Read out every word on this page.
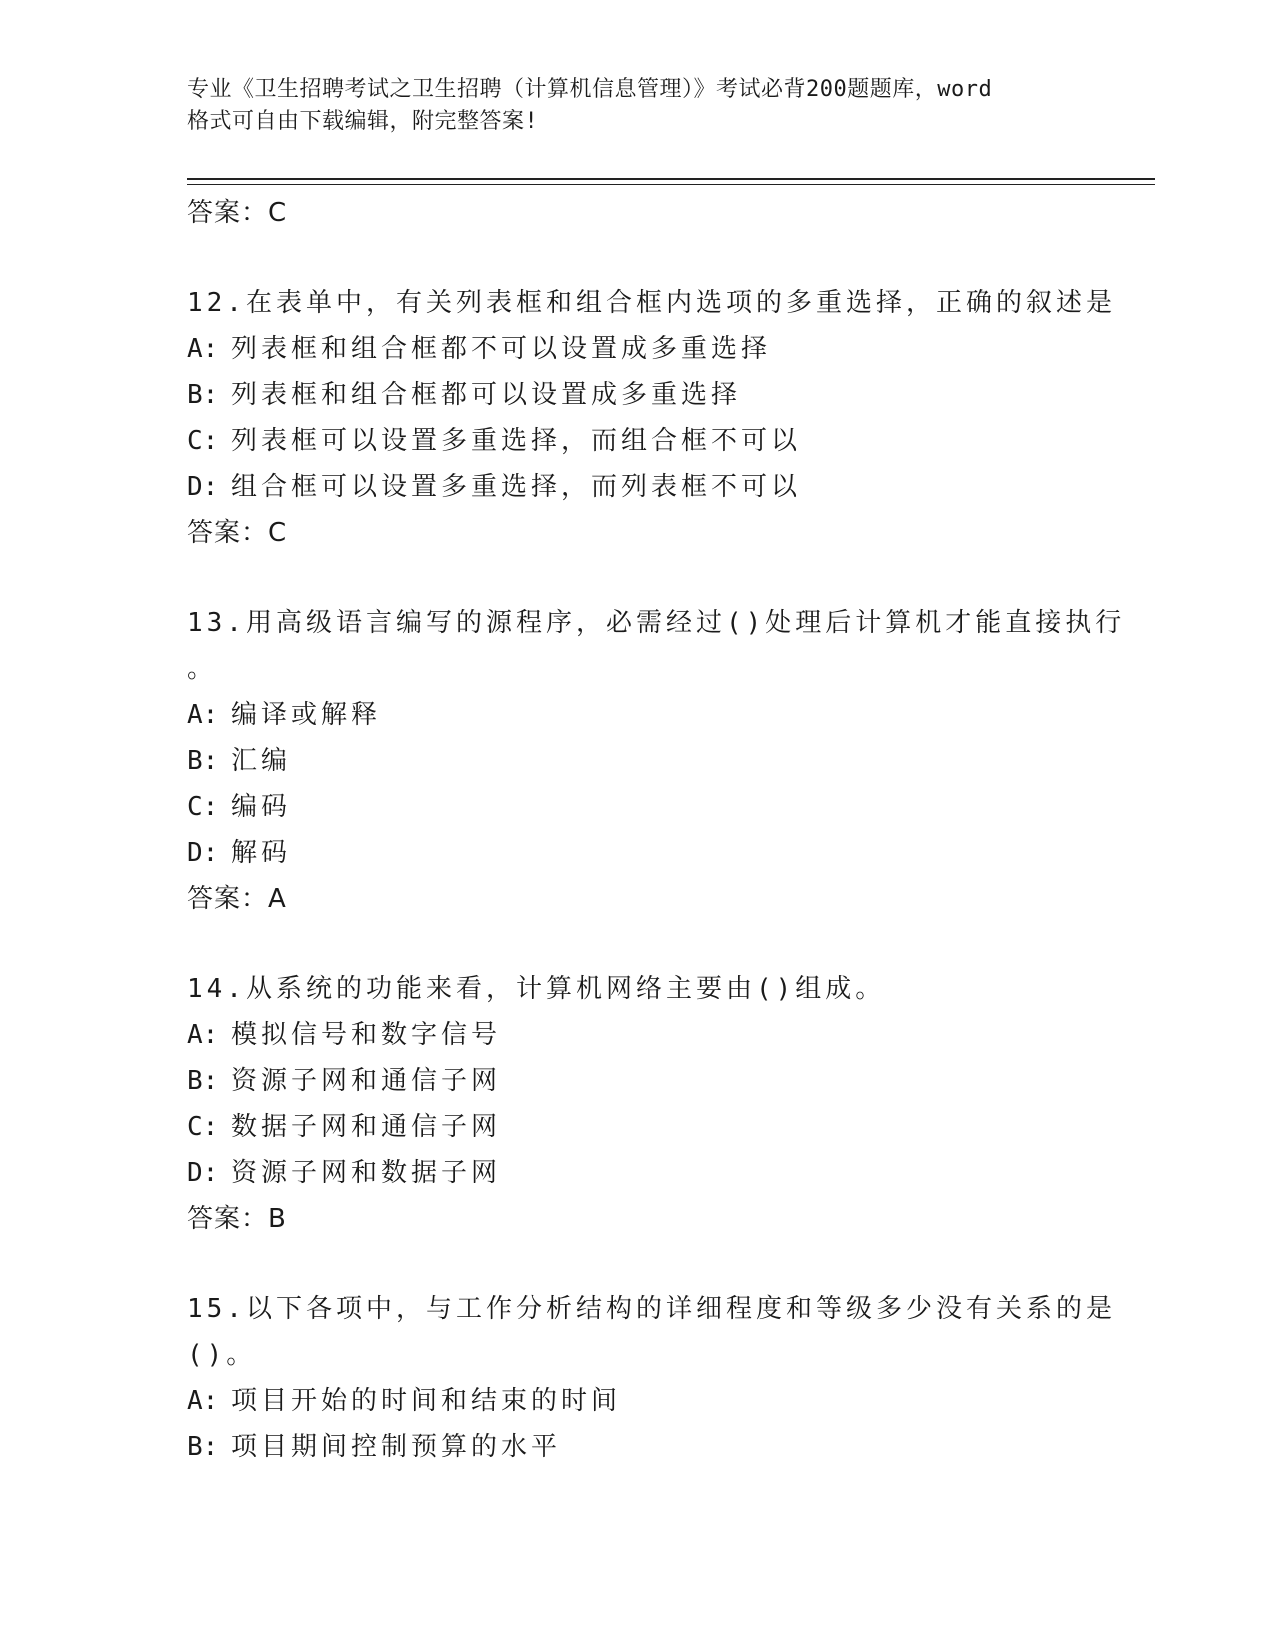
专业《卫生招聘考试之卫生招聘（计算机信息管理）》考试必背200题题库，word
格式可自由下载编辑，附完整答案!
答案：C
12.在表单中，有关列表框和组合框内选项的多重选择，正确的叙述是
A: 列表框和组合框都不可以设置成多重选择
B: 列表框和组合框都可以设置成多重选择
C: 列表框可以设置多重选择，而组合框不可以
D: 组合框可以设置多重选择，而列表框不可以
答案：C
13.用高级语言编写的源程序，必需经过()处理后计算机才能直接执行
。
A: 编译或解释
B: 汇编
C: 编码
D: 解码
答案：A
14.从系统的功能来看，计算机网络主要由()组成。
A: 模拟信号和数字信号
B: 资源子网和通信子网
C: 数据子网和通信子网
D: 资源子网和数据子网
答案：B
15.以下各项中，与工作分析结构的详细程度和等级多少没有关系的是
()。
A: 项目开始的时间和结束的时间
B: 项目期间控制预算的水平
